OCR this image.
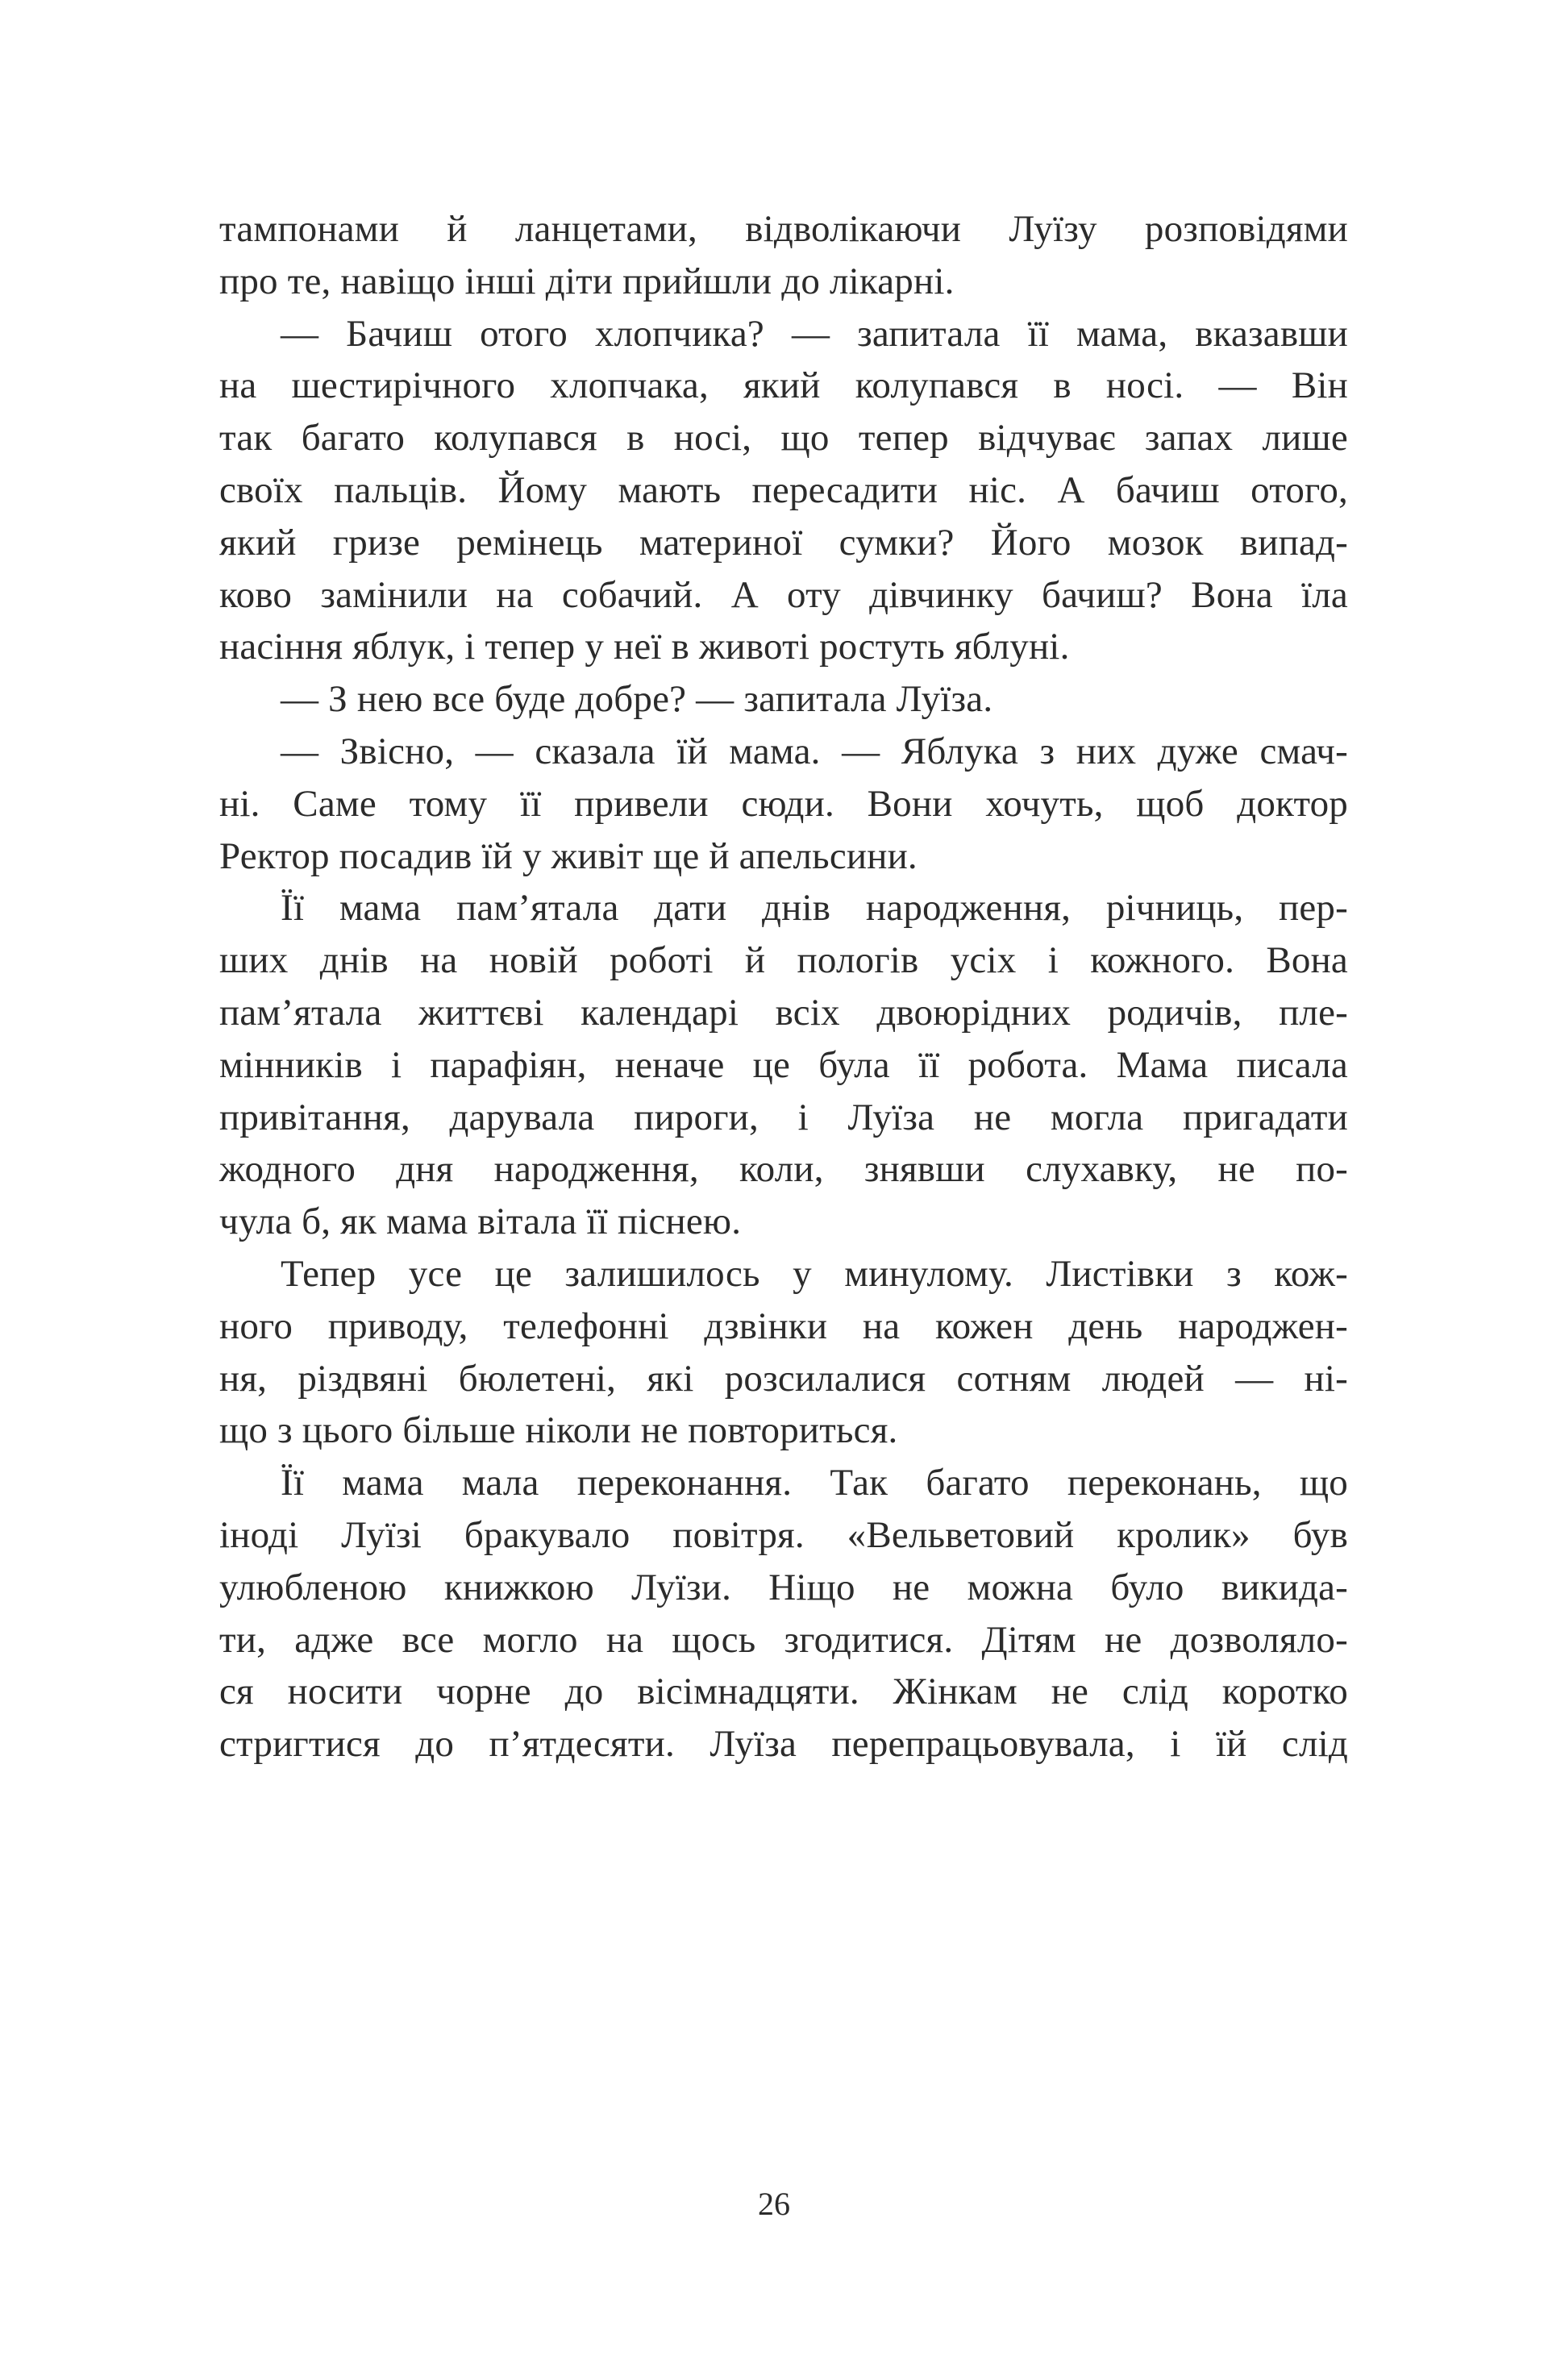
тампонами й ланцетами, відволікаючи Луїзу розповідями
про те, навіщо інші діти прийшли до лікарні.
— Бачиш отого хлопчика? — запитала її мама, вказавши
на шестирічного хлопчака, який колупався в носі. — Він
так багато колупався в носі, що тепер відчуває запах лише
своїх пальців. Йому мають пересадити ніс. А бачиш отого,
який гризе ремінець материної сумки? Його мозок випад-
ково замінили на собачий. А оту дівчинку бачиш? Вона їла
насіння яблук, і тепер у неї в животі ростуть яблуні.
— З нею все буде добре? — запитала Луїза.
— Звісно, — сказала їй мама. — Яблука з них дуже смач-
ні. Саме тому її привели сюди. Вони хочуть, щоб доктор
Ректор посадив їй у живіт ще й апельсини.
Її мама пам’ятала дати днів народження, річниць, пер-
ших днів на новій роботі й пологів усіх і кожного. Вона
пам’ятала життєві календарі всіх двоюрідних родичів, пле-
мінників і парафіян, неначе це була її робота. Мама писала
привітання, дарувала пироги, і Луїза не могла пригадати
жодного дня народження, коли, знявши слухавку, не по-
чула б, як мама вітала її піснею.
Тепер усе це залишилось у минулому. Листівки з кож-
ного приводу, телефонні дзвінки на кожен день народжен-
ня, різдвяні бюлетені, які розсилалися сотням людей — ні-
що з цього більше ніколи не повториться.
Її мама мала переконання. Так багато переконань, що
іноді Луїзі бракувало повітря. «Вельветовий кролик» був
улюбленою книжкою Луїзи. Ніщо не можна було викида-
ти, адже все могло на щось згодитися. Дітям не дозволяло-
ся носити чорне до вісімнадцяти. Жінкам не слід коротко
стригтися до п’ятдесяти. Луїза перепрацьовувала, і їй слід
26
